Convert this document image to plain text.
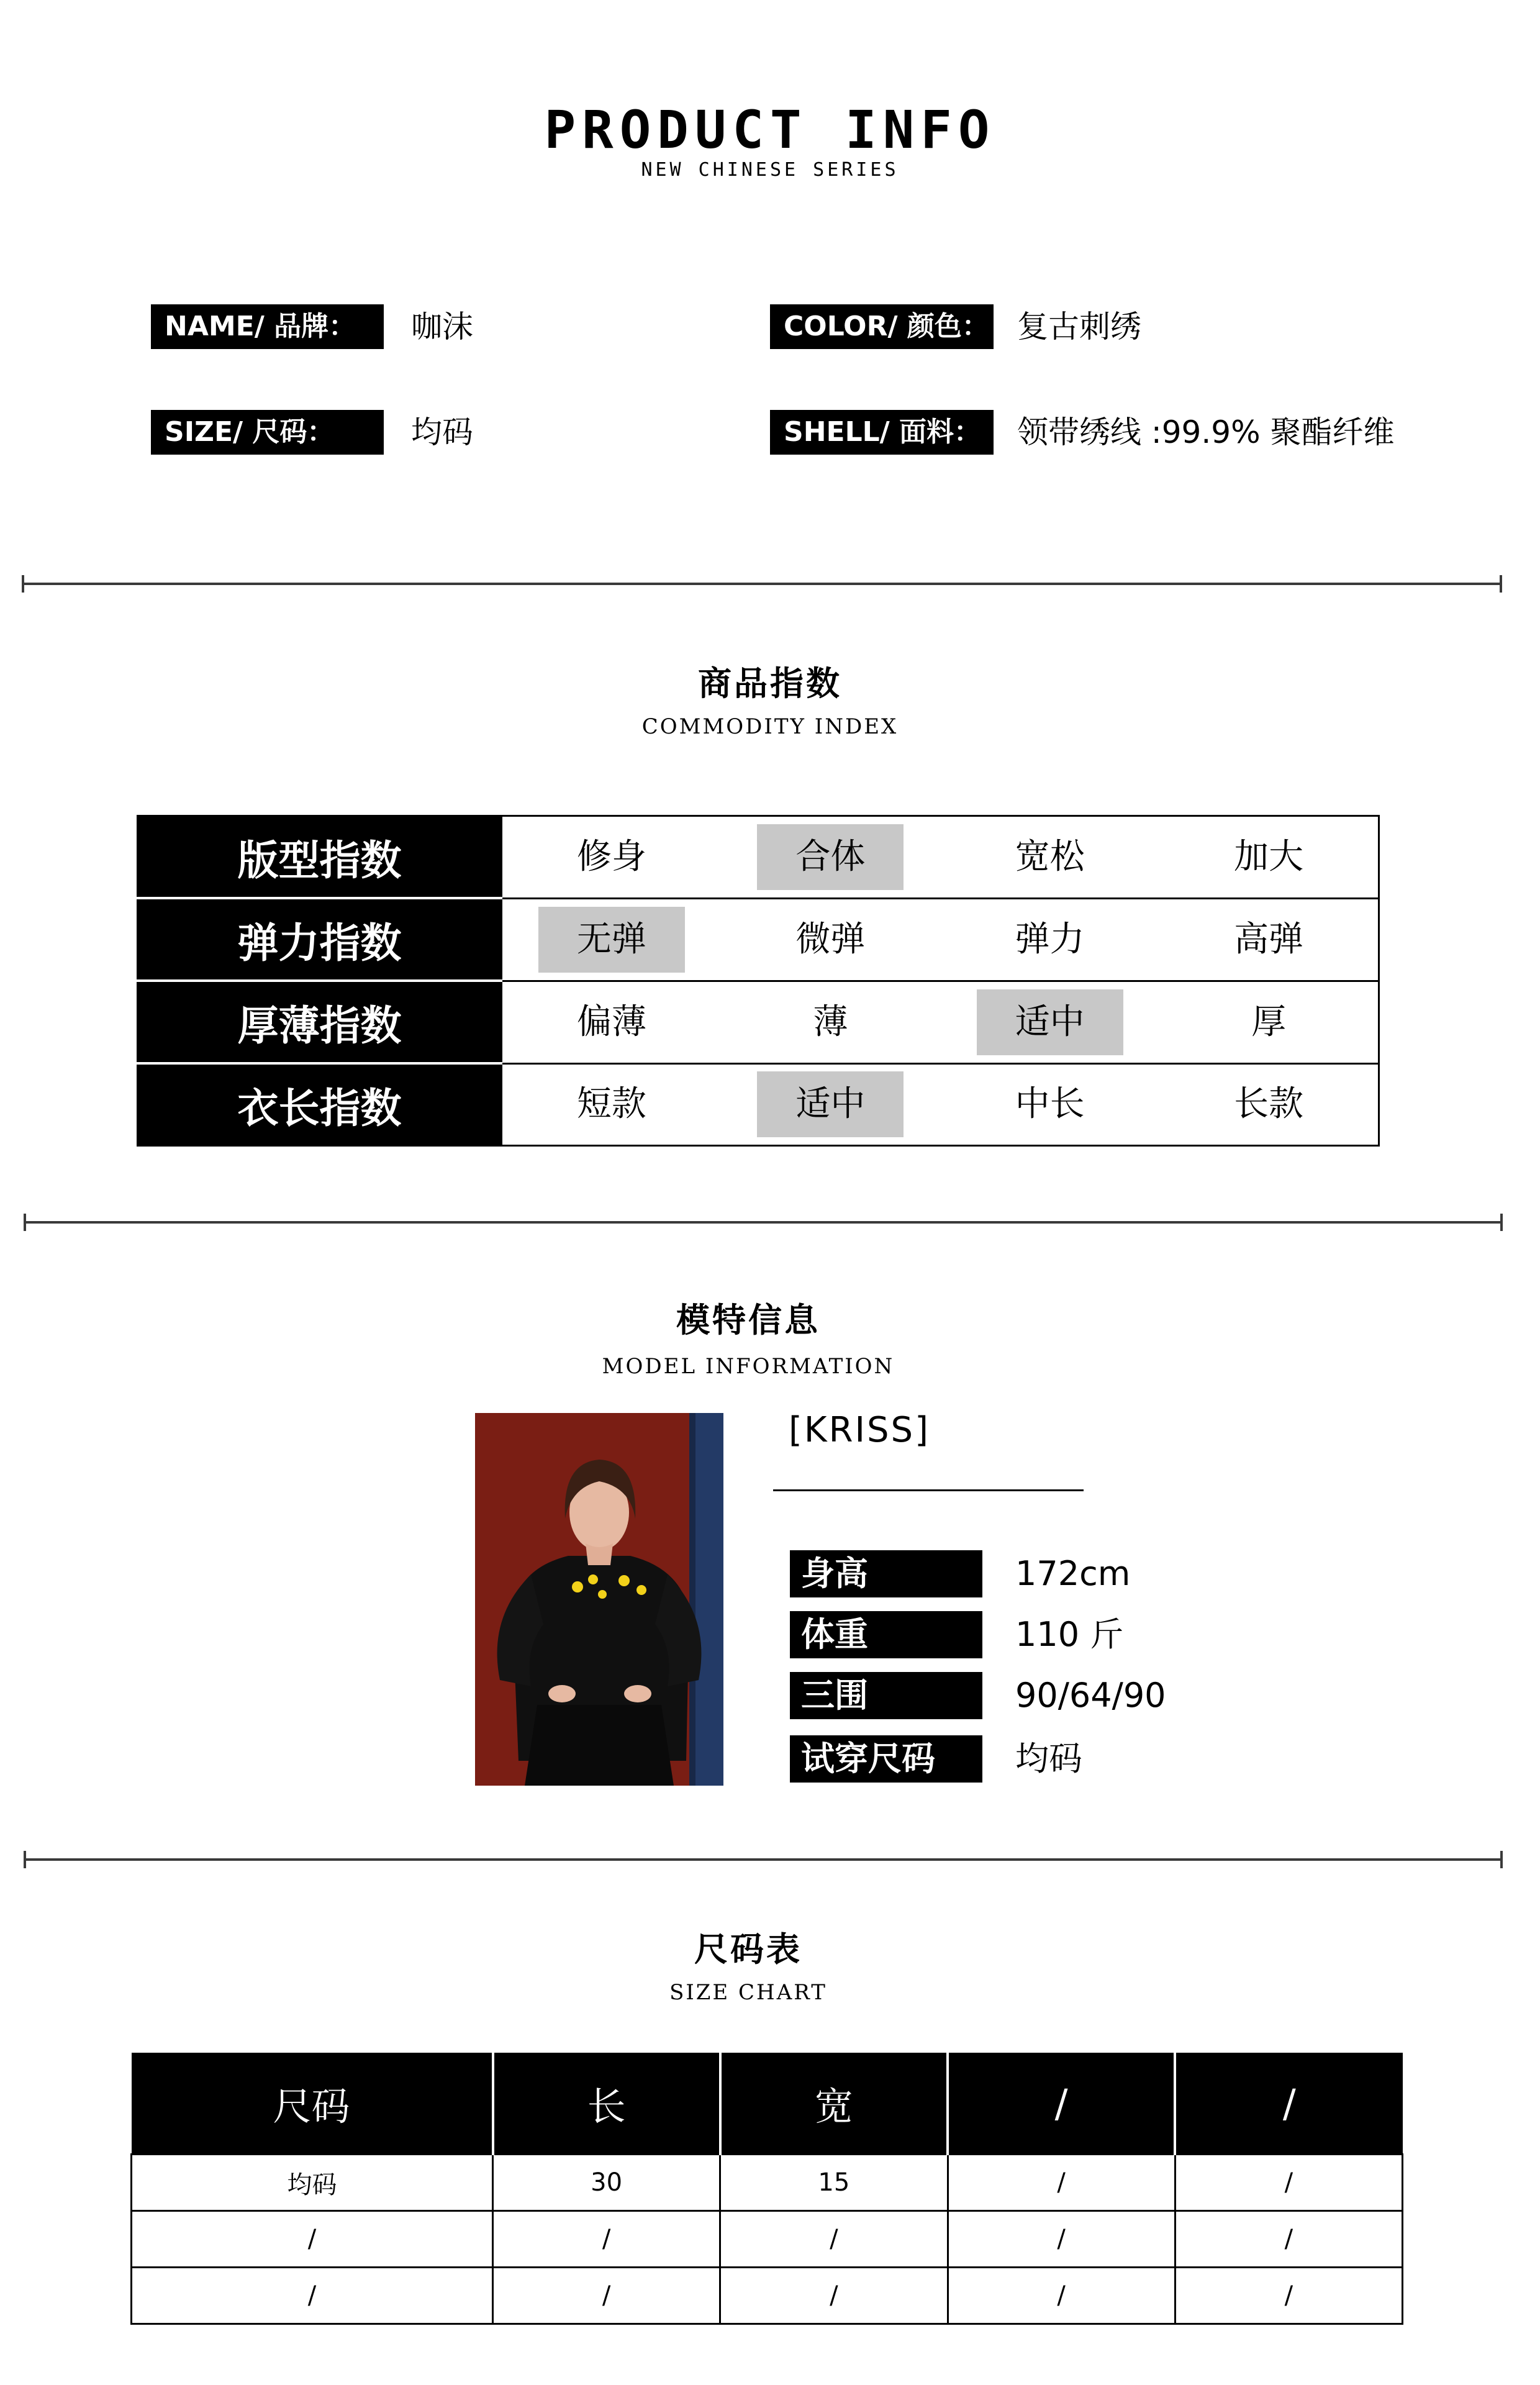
PRODUCT INFO
NEW CHINESE SERIES
NAME/ 品牌：	咖沫	COLOR/ 颜色： 复古刺绣
SIZE/ 尺码：	均码	SHELL/ 面料：	领带绣线 :99.9% 聚酯纤维
商品指数
COMMODITY INDEX
版型指数	修身	合体	宽松	加大
弹力指数	无弹	微弹	弹力	高弹
厚薄指数	偏薄	薄	适中	厚
衣长指数	短款	适中	中长	长款
模特信息
MODEL INFORMATION
[KRISS]
身高	172cm
体重	110 斤
三围	90/64/90
试穿尺码	均码
尺码表
SIZE CHART
尺码	长	宽	/	/
均码	30	15	/	/
/	/	/	/	/
/	/	/	/	/
